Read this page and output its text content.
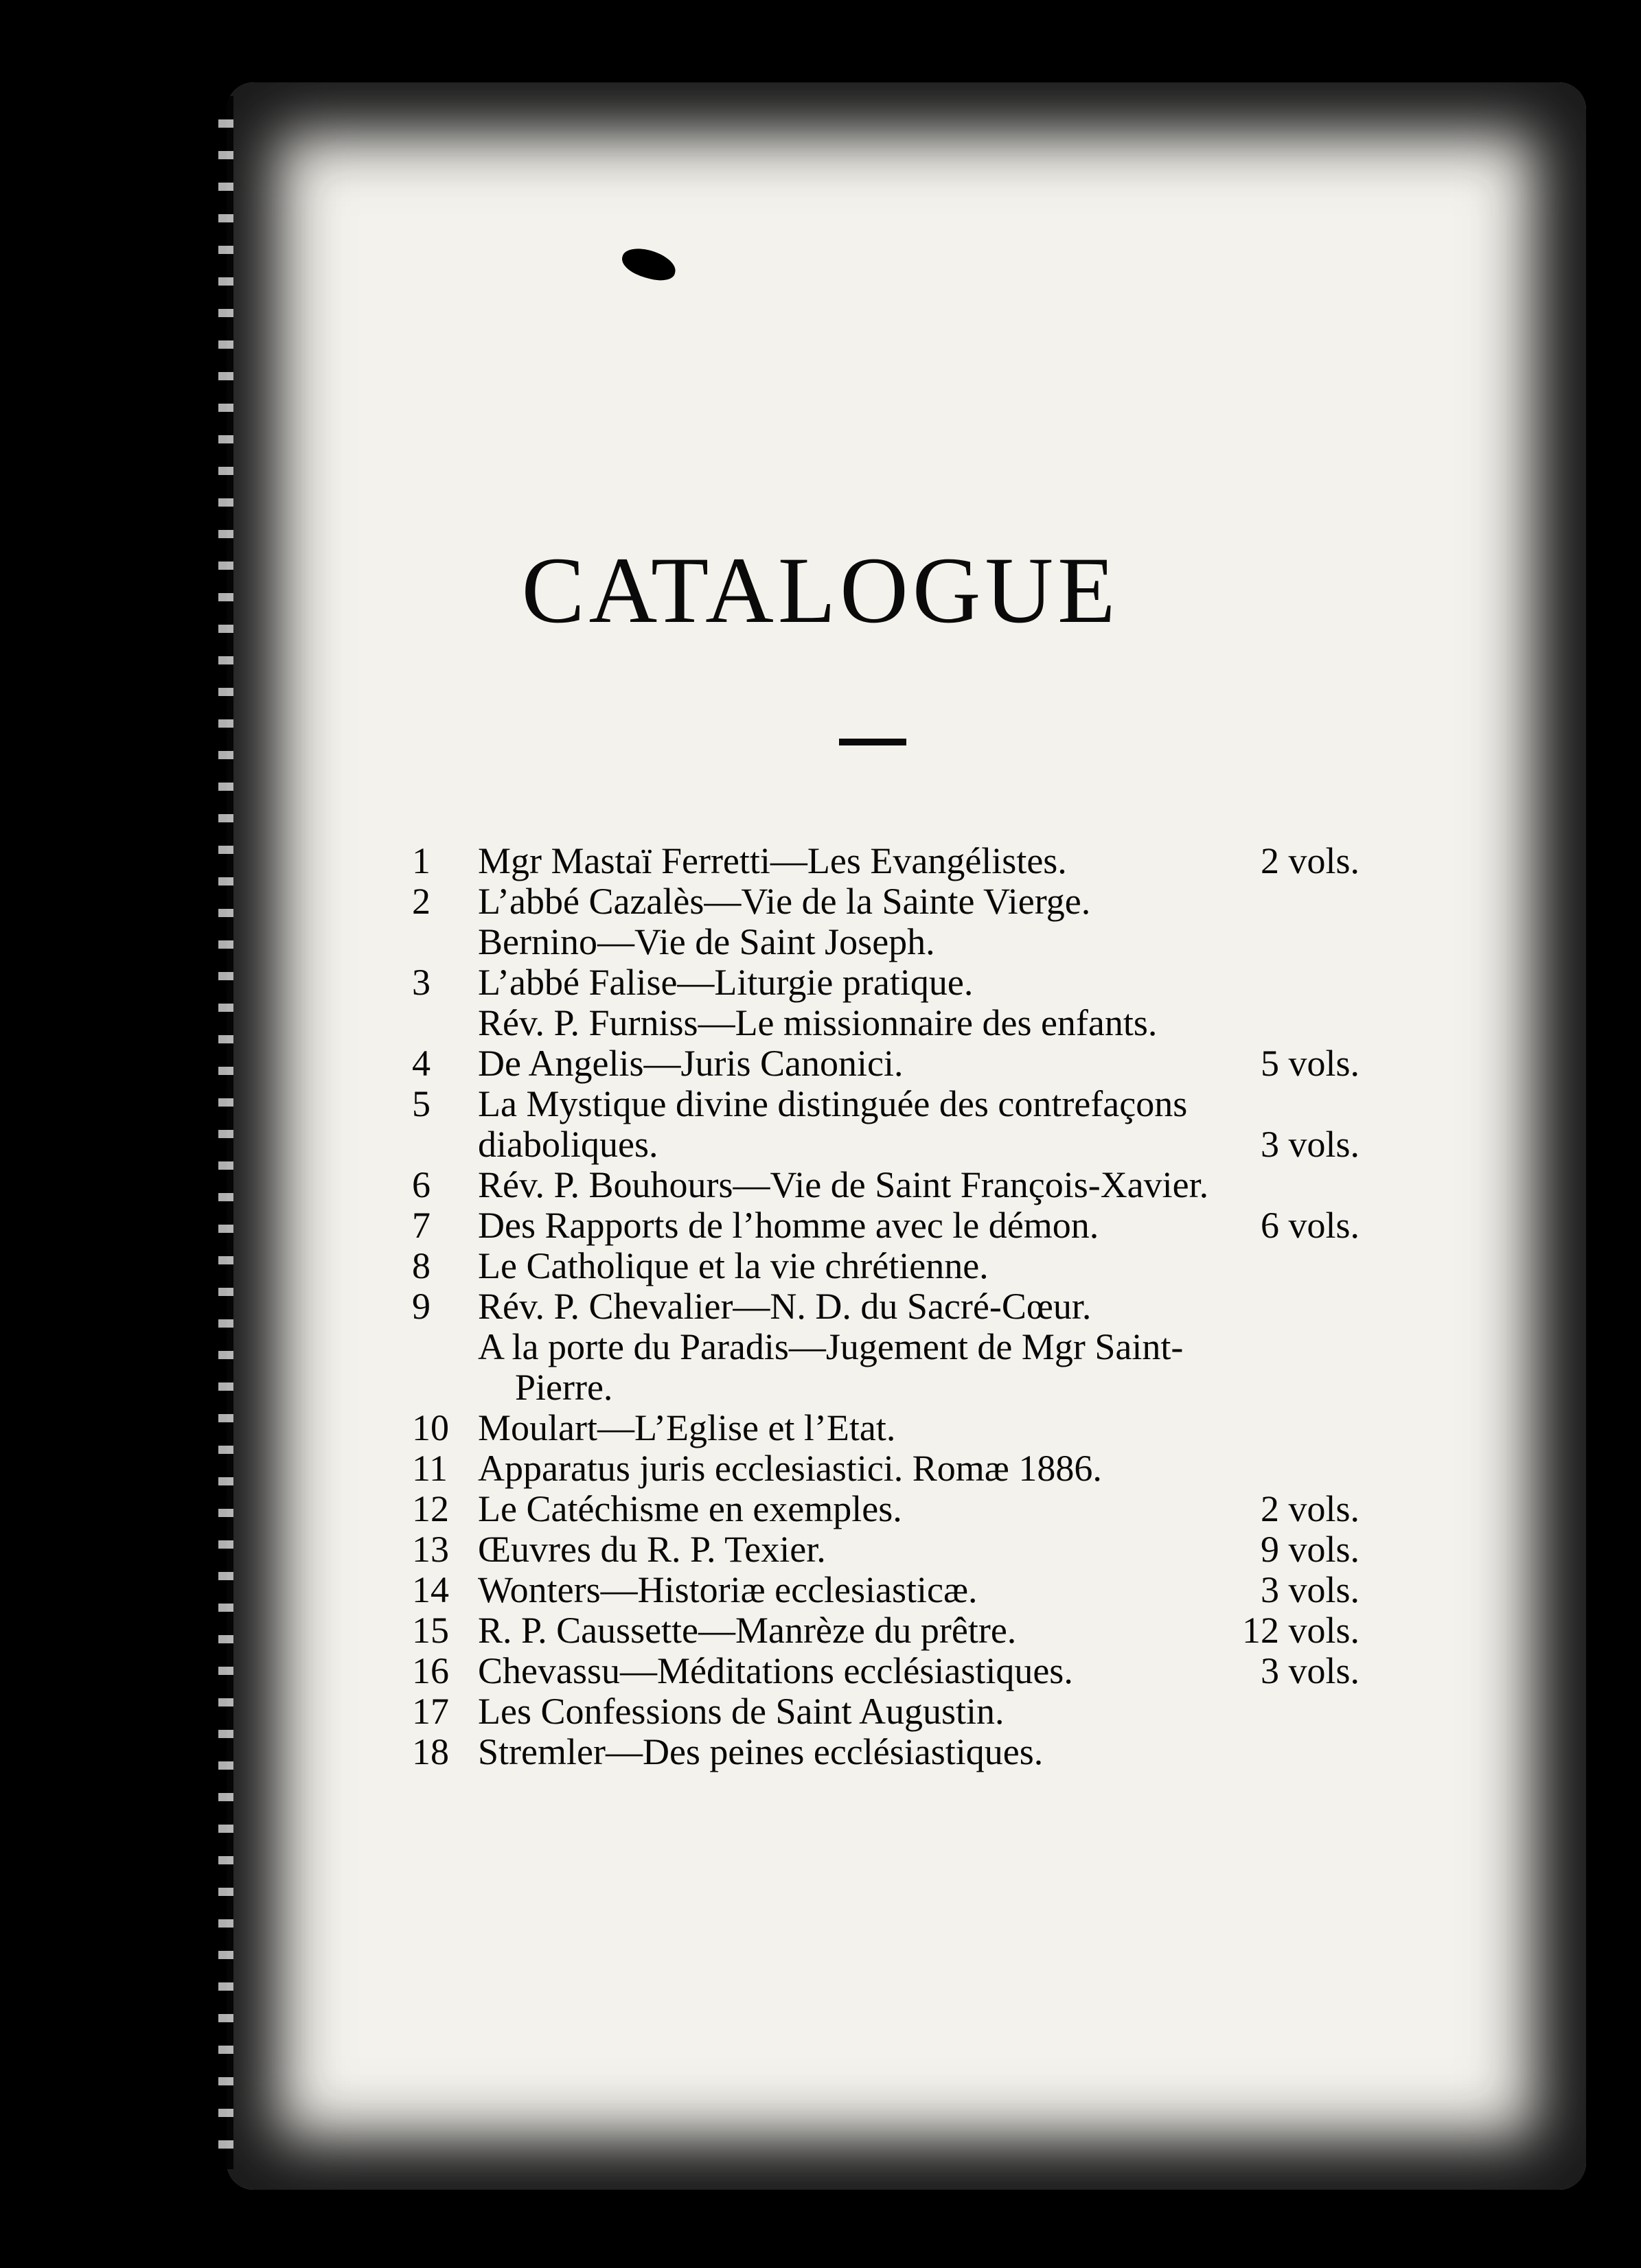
CATALOGUE
1	Mgr Mastaï Ferretti—Les Evangélistes.	2 vols.
2	L’abbé Cazalès—Vie de la Sainte Vierge.
Bernino—Vie de Saint Joseph.
3	L’abbé Falise—Liturgie pratique.
Rév. P. Furniss—Le missionnaire des enfants.
4	De Angelis—Juris Canonici.	5 vols.
5	La Mystique divine distinguée des contrefaçons
diaboliques.	3 vols.
6	Rév. P. Bouhours—Vie de Saint François-Xavier.
7	Des Rapports de l’homme avec le démon.	6 vols.
8	Le Catholique et la vie chrétienne.
9	Rév. P. Chevalier—N. D. du Sacré-Cœur.
A la porte du Paradis—Jugement de Mgr Saint-
Pierre.
10 Moulart—L’Eglise et l’Etat.
11 Apparatus juris ecclesiastici. Romæ 1886.
12 Le Catéchisme en exemples.	2 vols.
13 Œuvres du R. P. Texier.	9 vols.
14 Wonters—Historiæ ecclesiasticæ.	3 vols.
15 R. P. Caussette—Manrèze du prêtre.	12 vols.
16 Chevassu—Méditations ecclésiastiques.	3 vols.
17 Les Confessions de Saint Augustin.
18 Stremler—Des peines ecclésiastiques.
